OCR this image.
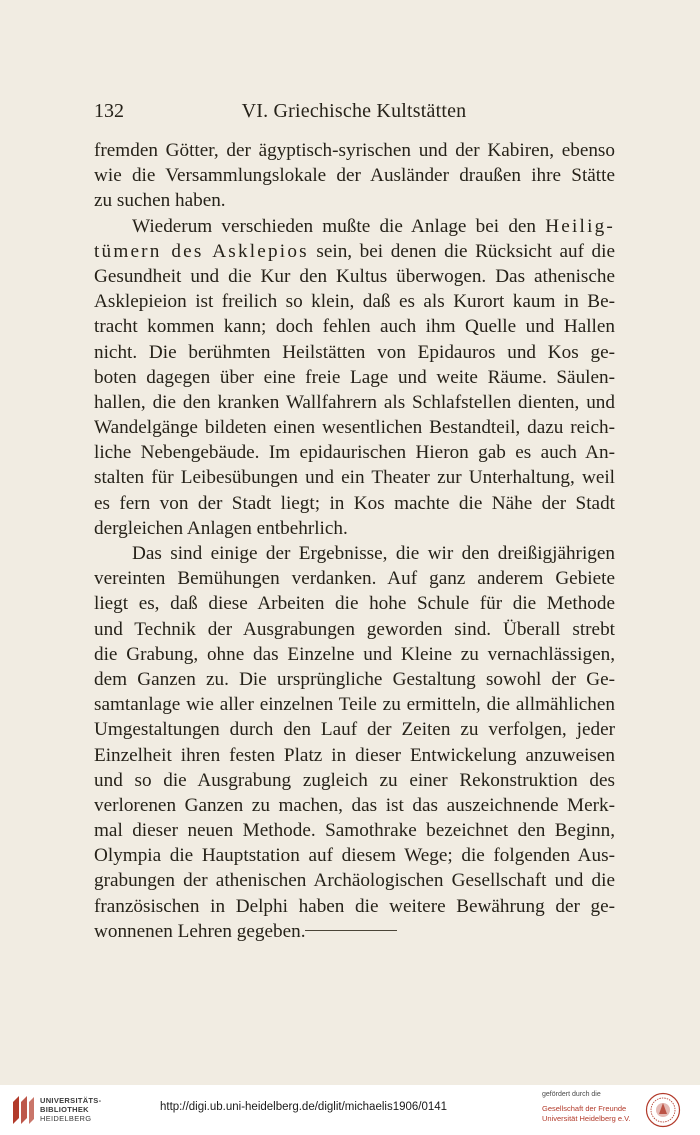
132	VI. Griechische Kultstätten
fremden Götter, der ägyptisch-syrischen und der Kabiren, ebenso
wie die Versammlungslokale der Ausländer draußen ihre Stätte
zu suchen haben.
Wiederum verschieden mußte die Anlage bei den Heilig-
tümern des Asklepios sein, bei denen die Rücksicht auf die
Gesundheit und die Kur den Kultus überwogen. Das athenische
Asklepieion ist freilich so klein, daß es als Kurort kaum in Be-
tracht kommen kann; doch fehlen auch ihm Quelle und Hallen
nicht. Die berühmten Heilstätten von Epidauros und Kos ge-
boten dagegen über eine freie Lage und weite Räume. Säulen-
hallen, die den kranken Wallfahrern als Schlafstellen dienten, und
Wandelgänge bildeten einen wesentlichen Bestandteil, dazu reich-
liche Nebengebäude. Im epidaurischen Hieron gab es auch An-
stalten für Leibesübungen und ein Theater zur Unterhaltung, weil
es fern von der Stadt liegt; in Kos machte die Nähe der Stadt
dergleichen Anlagen entbehrlich.
Das sind einige der Ergebnisse, die wir den dreißigjährigen
vereinten Bemühungen verdanken. Auf ganz anderem Gebiete
liegt es, daß diese Arbeiten die hohe Schule für die Methode
und Technik der Ausgrabungen geworden sind. Überall strebt
die Grabung, ohne das Einzelne und Kleine zu vernachlässigen,
dem Ganzen zu. Die ursprüngliche Gestaltung sowohl der Ge-
samtanlage wie aller einzelnen Teile zu ermitteln, die allmählichen
Umgestaltungen durch den Lauf der Zeiten zu verfolgen, jeder
Einzelheit ihren festen Platz in dieser Entwickelung anzuweisen
und so die Ausgrabung zugleich zu einer Rekonstruktion des
verlorenen Ganzen zu machen, das ist das auszeichnende Merk-
mal dieser neuen Methode. Samothrake bezeichnet den Beginn,
Olympia die Hauptstation auf diesem Wege; die folgenden Aus-
grabungen der athenischen Archäologischen Gesellschaft und die
französischen in Delphi haben die weitere Bewährung der ge-
wonnenen Lehren gegeben.
UNIVERSITÄTS-
BIBLIOTHEK
HEIDELBERG
http://digi.ub.uni-heidelberg.de/diglit/michaelis1906/0141
gefördert durch die
Gesellschaft der Freunde
Universität Heidelberg e.V.
